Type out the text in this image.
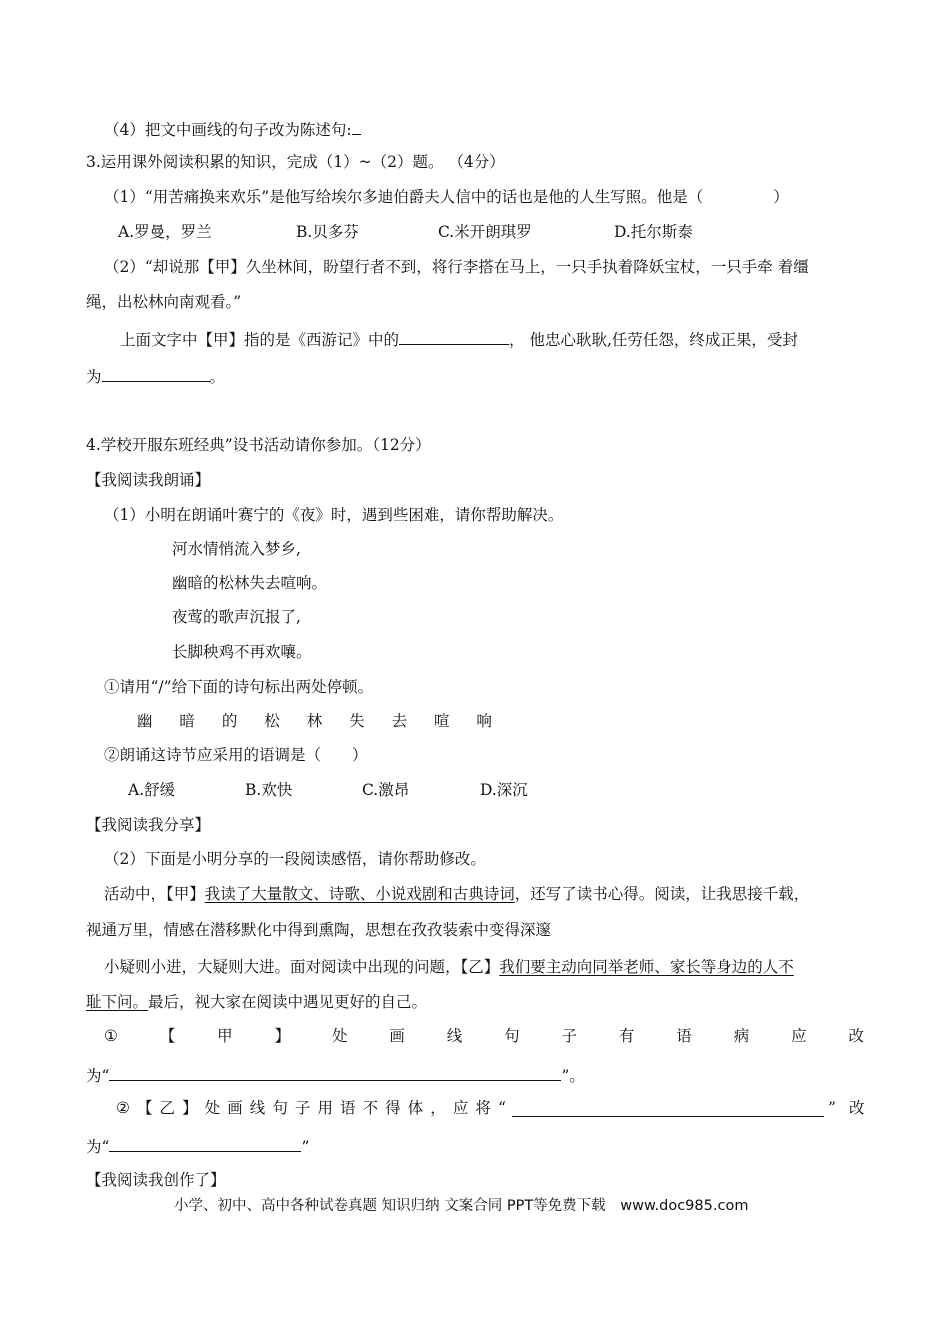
（4）把文中画线的句子改为陈述句:
3.运用课外阅读积累的知识，完成（1）~（2）题。 （4分）
（1）“用苦痛换来欢乐”是他写给埃尔多迪伯爵夫人信中的话也是他的人生写照。他是（	）
A.罗曼，罗兰	B.贝多芬	C.米开朗琪罗	D.托尔斯泰
（2）“却说那【甲】久坐林间，盼望行者不到，将行李搭在马上，一只手执着降妖宝杖，一只手牵 着缰
绳，出松林向南观看。”
上面文字中【甲】指的是《西游记》中的	， 他忠心耿耿,任劳任怨，终成正果，受封
为	。
4.学校开服东班经典”设书活动请你参加。（12分）
【我阅读我朗诵】
（1）小明在朗诵叶赛宁的《夜》时，遇到些困难，请你帮助解决。
河水情悄流入梦乡,
幽暗的松林失去喧响。
夜莺的歌声沉报了,
长脚秧鸡不再欢嚷。
①请用“/”给下面的诗句标出两处停顿。
幽 暗 的 松 林 失 去 喧 响
②朗诵这诗节应采用的语调是（　　）
A.舒缓	B.欢快	C.激昂	D.深沉
【我阅读我分享】
（2）下面是小明分享的一段阅读感悟，请你帮助修改。
活动中，【甲】我读了大量散文、诗歌、小说戏剧和古典诗词，还写了读书心得。阅读，让我思接千载，
视通万里，情感在潜移默化中得到熏陶，思想在孜孜装索中变得深邃
小疑则小进，大疑则大进。面对阅读中出现的问题，【乙】我们要主动向同举老师、家长等身边的人不
耻下问。最后，视大家在阅读中遇见更好的自己。
①	【	甲	】	处	画	线	句	子	有	语	病	应	改
为“	”。
② 【 乙 】 处 画 线 句 子 用 语 不 得 体 ， 应 将 “	” 改
为“	”
【我阅读我创作了】
小学、初中、高中各种试卷真题 知识归纳 文案合同 PPT等免费下载 www.doc985.com
